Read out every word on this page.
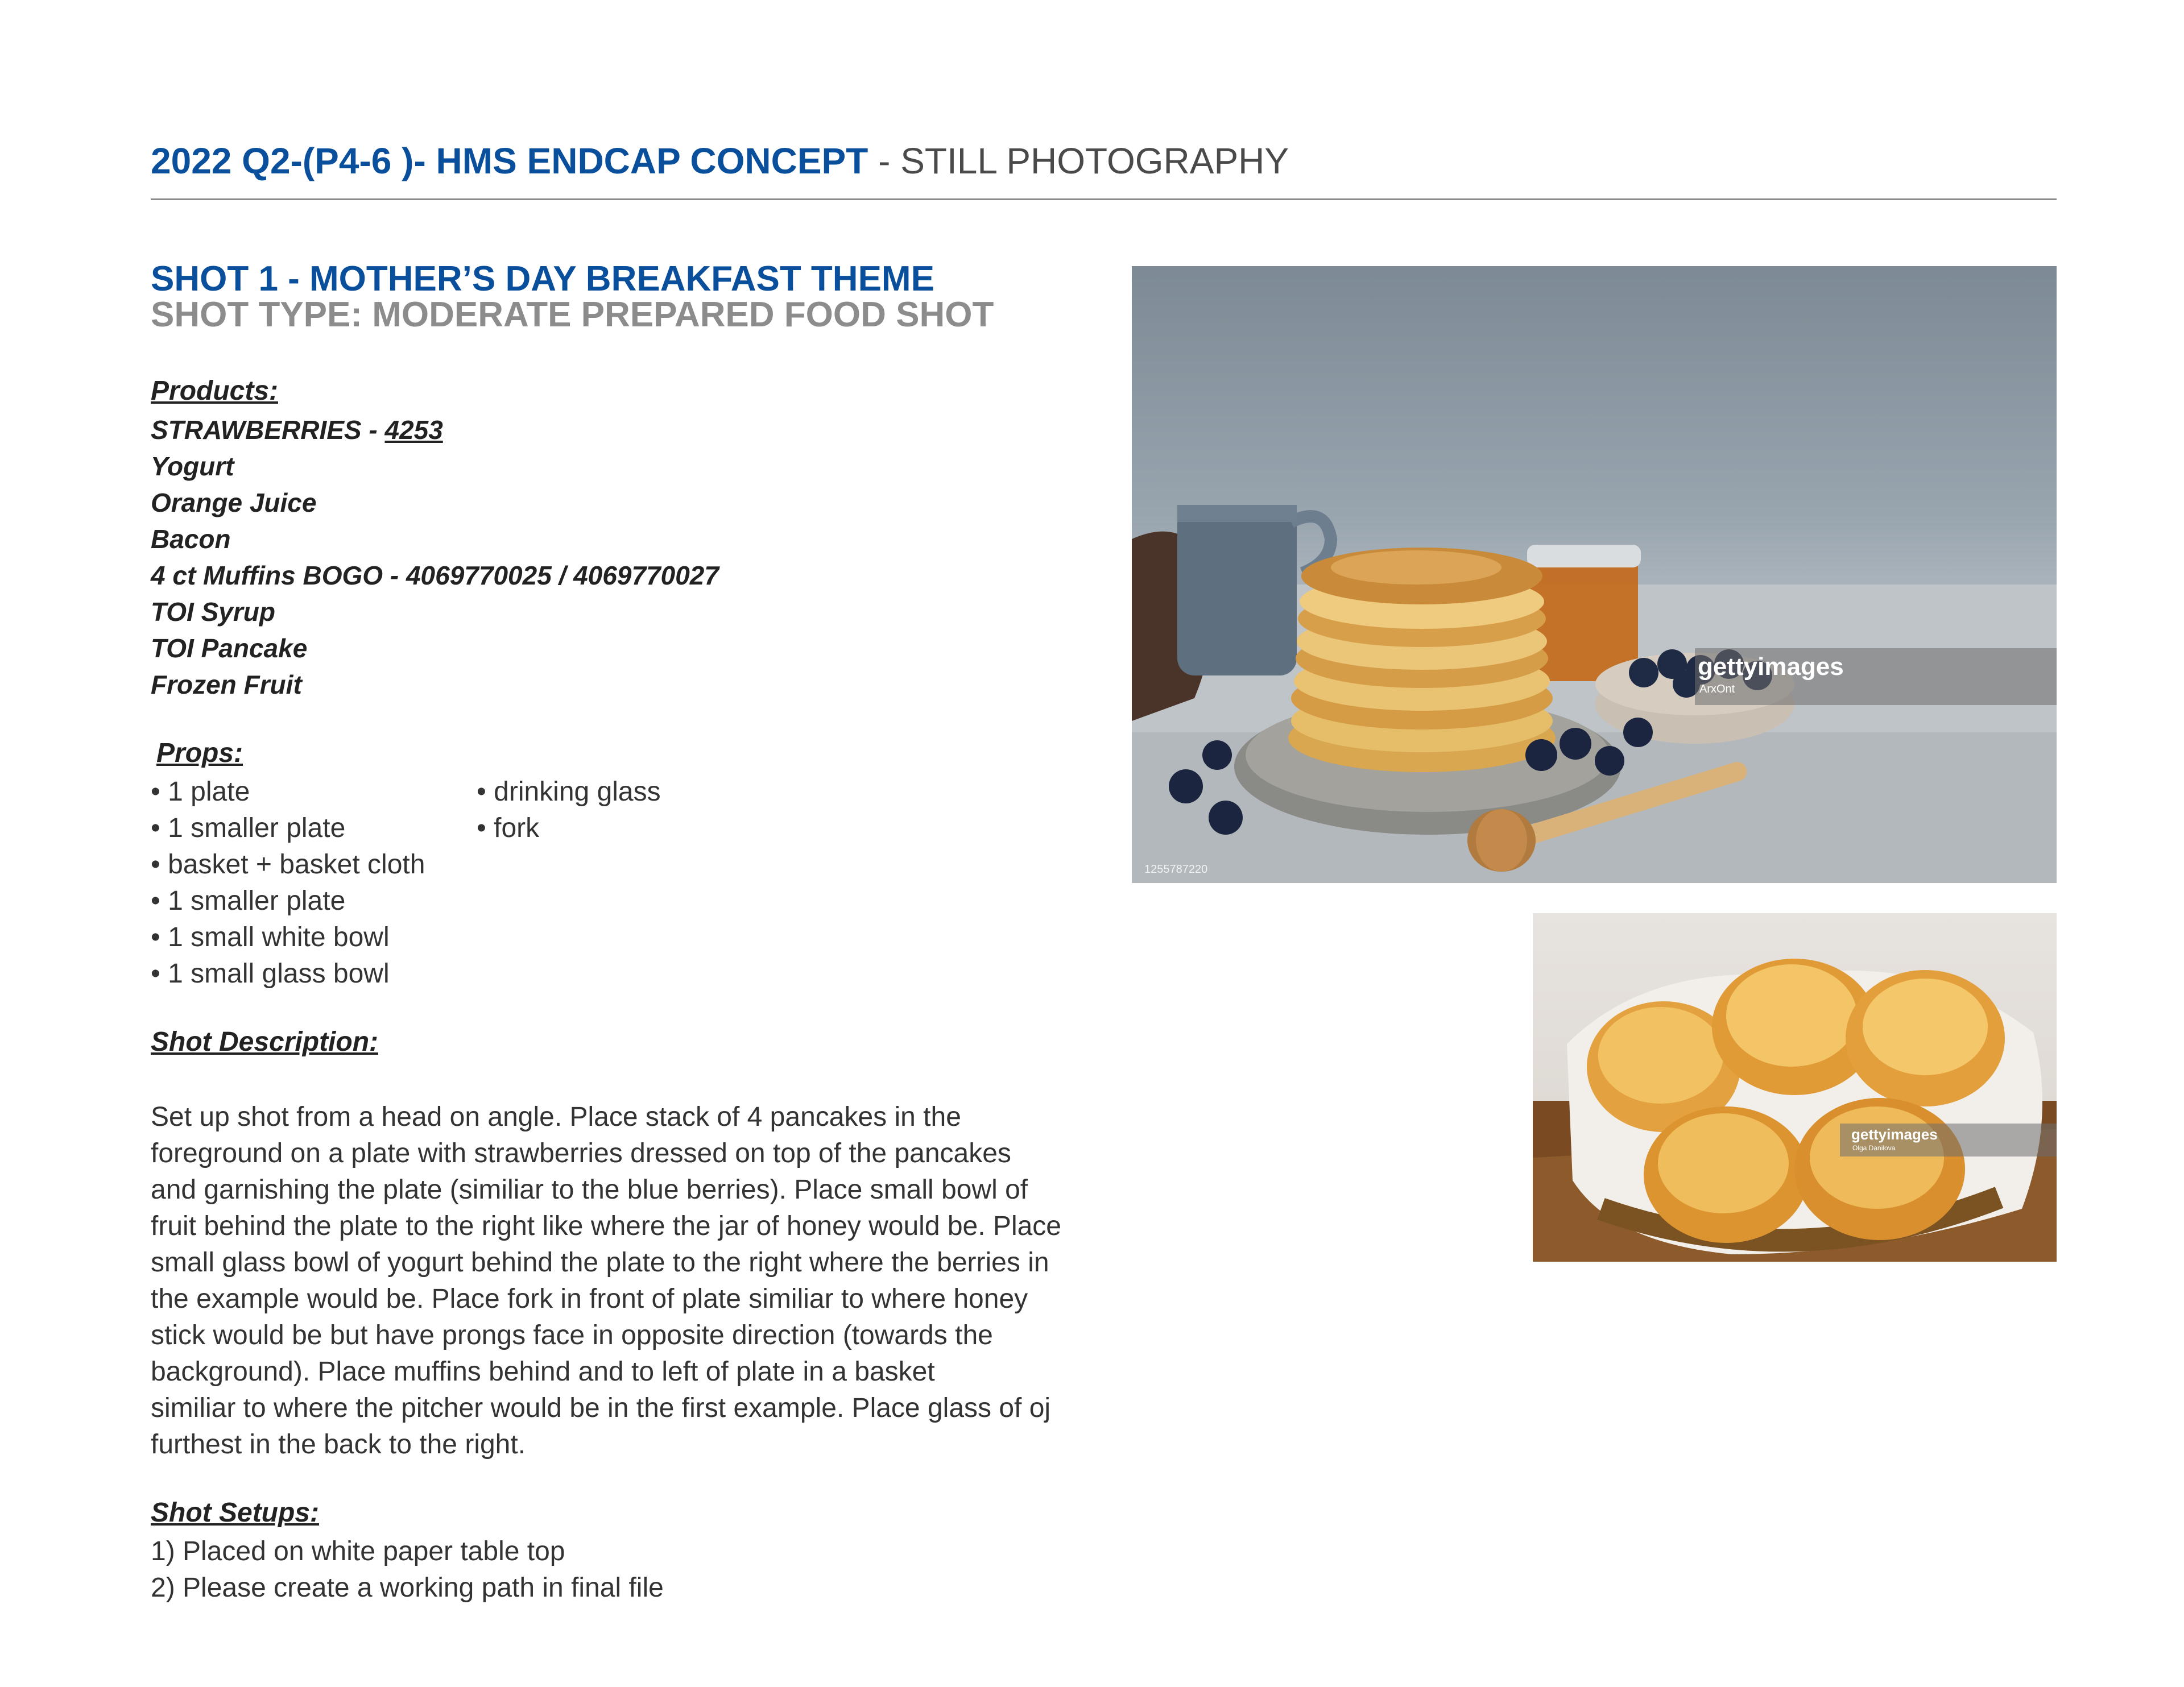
2022 Q2-(P4-6 )- HMS ENDCAP CONCEPT - STILL PHOTOGRAPHY
SHOT 1 - MOTHER’S DAY BREAKFAST THEME
SHOT TYPE: MODERATE PREPARED FOOD SHOT
Products:
STRAWBERRIES - 4253
Yogurt
Orange Juice
Bacon
4 ct Muffins BOGO - 4069770025 / 4069770027
TOI Syrup
TOI Pancake
Frozen Fruit
Props:
• 1 plate
• 1 smaller plate
• basket + basket cloth
• 1 smaller plate
• 1 small white bowl
• 1 small glass bowl
• drinking glass
• fork
Shot Description:
Set up shot from a head on angle. Place stack of 4 pancakes in the
foreground on a plate with strawberries dressed on top of the pancakes
and garnishing the plate (similiar to the blue berries). Place small bowl of
fruit behind the plate to the right like where the jar of honey would be. Place
small glass bowl of yogurt behind the plate to the right where the berries in
the example would be. Place fork in front of plate similiar to where honey
stick would be but have prongs face in opposite direction (towards the
background). Place muffins behind and to left of plate in a basket
similiar to where the pitcher would be in the first example. Place glass of oj
furthest in the back to the right.
Shot Setups:
1) Placed on white paper table top
2) Please create a working path in final file
gettyimages
ArxOnt
1255787220
gettyimages
Olga Danilova
